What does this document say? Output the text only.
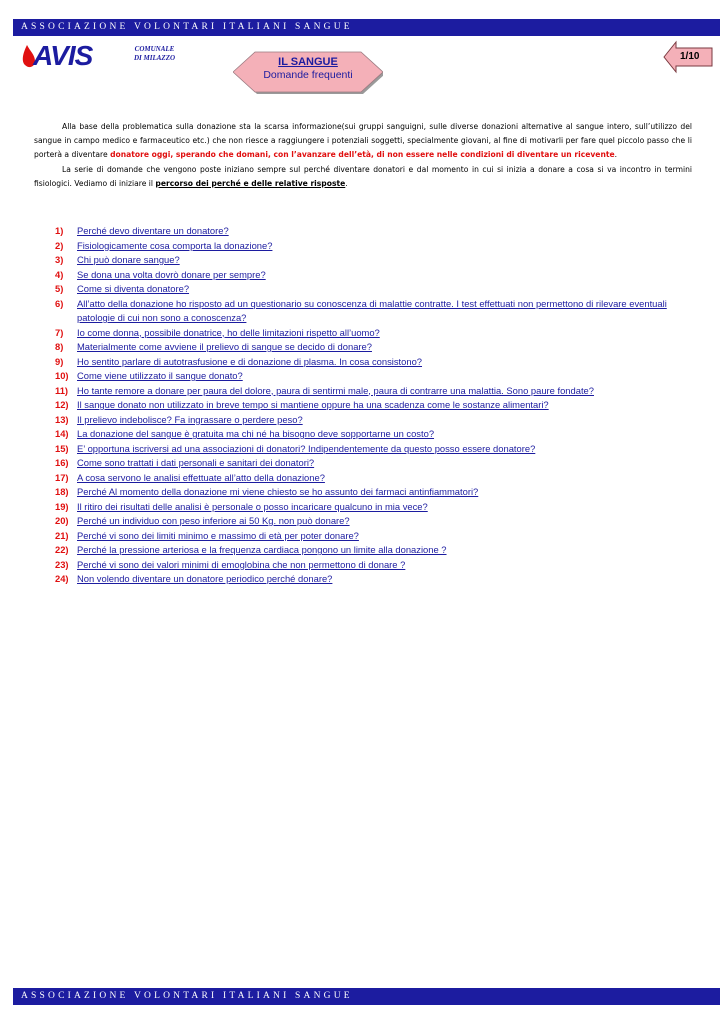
ASSOCIAZIONE VOLONTARI ITALIANI SANGUE
AVIS	COMUNALE
DI MILAZZO	IL SANGUE
Domande frequenti
1/10

Alla base della problematica sulla donazione sta la scarsa informazione(sui gruppi sanguigni, sulle diverse donazioni alternative al sangue intero, sull’utilizzo del sangue in campo medico e farmaceutico etc.) che non riesce a raggiungere i potenziali soggetti, specialmente giovani, al fine di motivarli per fare quel piccolo passo che li porterà a diventare donatore oggi, sperando che domani, con l’avanzare dell’età, di non essere nelle condizioni di diventare un ricevente.

La serie di domande che vengono poste iniziano sempre sul perché diventare donatori e dal momento in cui si inizia a donare a cosa si va incontro in termini fisiologici. Vediamo di iniziare il percorso dei perché e delle relative risposte.

1)	Perché devo diventare un donatore?
2)	Fisiologicamente cosa comporta la donazione?
3)	Chi può donare sangue?
4)	Se dona una volta dovrò donare per sempre?
5)	Come si diventa donatore?
6)	All’atto della donazione ho risposto ad un questionario su conoscenza di malattie contratte. I test effettuati non permettono di rilevare eventuali patologie di cui non sono a conoscenza?
7)	Io come donna, possibile donatrice, ho delle limitazioni rispetto all’uomo?
8)	Materialmente come avviene il prelievo di sangue se decido di donare?
9)	Ho sentito parlare di autotrasfusione e di donazione di plasma. In cosa consistono?
10) Come viene utilizzato il sangue donato?
11) Ho tante remore a donare per paura del dolore, paura di sentirmi male, paura di contrarre una malattia. Sono paure fondate?
12) Il sangue donato non utilizzato in breve tempo si mantiene oppure ha una scadenza come le sostanze alimentari?
13) Il prelievo indebolisce? Fa ingrassare o perdere peso?
14) La donazione del sangue è gratuita ma chi né ha bisogno deve sopportarne un costo?
15) E’ opportuna iscriversi ad una associazioni di donatori? Indipendentemente da questo posso essere donatore?
16) Come sono trattati i dati personali e sanitari dei donatori?
17) A cosa servono le analisi effettuate all’atto della donazione?
18) Perché Al momento della donazione mi viene chiesto se ho assunto dei farmaci antinfiammatori?
19) Il ritiro dei risultati delle analisi è personale o posso incaricare qualcuno in mia vece?
20) Perché un individuo con peso inferiore ai 50 Kg. non può donare?
21) Perché vi sono dei limiti minimo e massimo di età per poter donare?
22) Perché la pressione arteriosa e la frequenza cardiaca pongono un limite alla donazione ?
23) Perché vi sono dei valori minimi di emoglobina che non permettono di donare ?
24) Non volendo diventare un donatore periodico perché donare?
ASSOCIAZIONE VOLONTARI ITALIANI SANGUE
